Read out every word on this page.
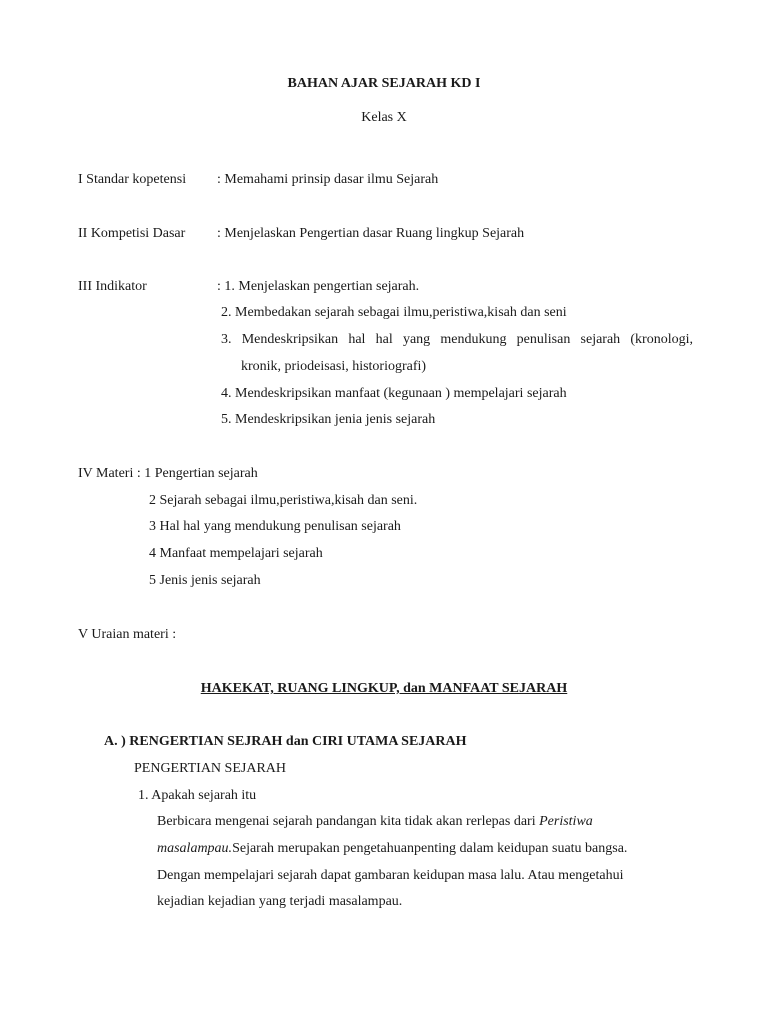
BAHAN AJAR SEJARAH KD I
Kelas X
I Standar kopetensi : Memahami prinsip dasar ilmu Sejarah
II Kompetisi Dasar : Menjelaskan Pengertian dasar Ruang lingkup Sejarah
III Indikator	: 1. Menjelaskan pengertian sejarah.
2. Membedakan sejarah sebagai ilmu,peristiwa,kisah dan seni
3. Mendeskripsikan hal hal yang mendukung penulisan sejarah (kronologi,
kronik, priodeisasi, historiografi)
4. Mendeskripsikan manfaat (kegunaan ) mempelajari sejarah
5. Mendeskripsikan jenia jenis sejarah
IV Materi : 1 Pengertian sejarah
2 Sejarah sebagai ilmu,peristiwa,kisah dan seni.
3 Hal hal yang mendukung penulisan sejarah
4 Manfaat mempelajari sejarah
5 Jenis jenis sejarah
V Uraian materi :
HAKEKAT, RUANG LINGKUP, dan MANFAAT SEJARAH
A. ) RENGERTIAN SEJRAH dan CIRI UTAMA SEJARAH
PENGERTIAN SEJARAH
1. Apakah sejarah itu
Berbicara mengenai sejarah pandangan kita tidak akan rerlepas dari Peristiwa
masalampau.Sejarah merupakan pengetahuanpenting dalam keidupan suatu bangsa.
Dengan mempelajari sejarah dapat gambaran keidupan masa lalu. Atau mengetahui
kejadian kejadian yang terjadi masalampau.
